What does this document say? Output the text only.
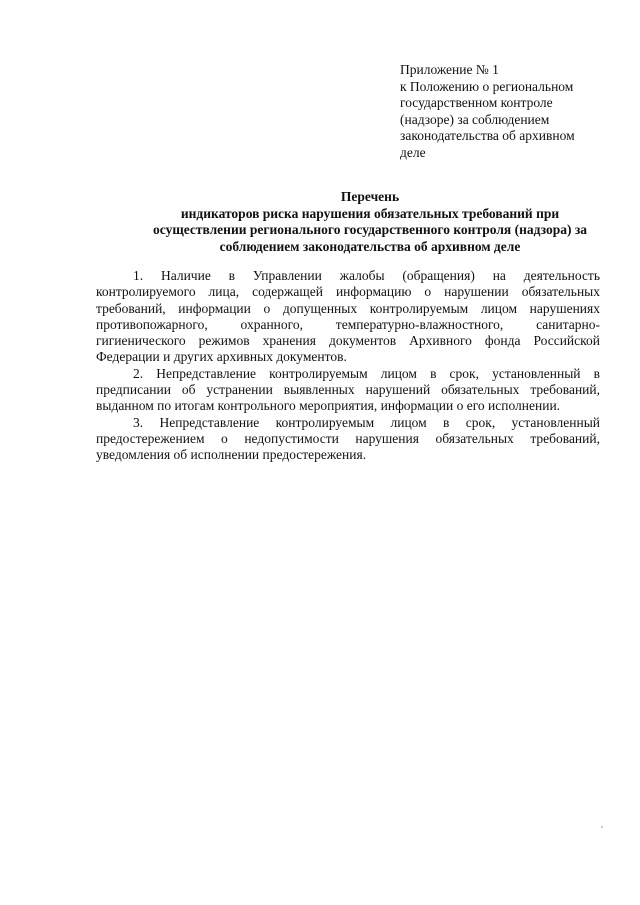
Приложение № 1
к Положению о региональном
государственном контроле
(надзоре) за соблюдением
законодательства об архивном
деле
Перечень
индикаторов риска нарушения обязательных требований при
осуществлении регионального государственного контроля (надзора) за
соблюдением законодательства об архивном деле

1. Наличие в Управлении жалобы (обращения) на деятельность контролируемого лица, содержащей информацию о нарушении обязательных требований, информации о допущенных контролируемым лицом нарушениях противопожарного, охранного, температурно-влажностного, санитарно-гигиенического режимов хранения документов Архивного фонда Российской Федерации и других архивных документов.

2. Непредставление контролируемым лицом в срок, установленный в предписании об устранении выявленных нарушений обязательных требований, выданном по итогам контрольного мероприятия, информации о его исполнении.

3. Непредставление контролируемым лицом в срок, установленный предостережением о недопустимости нарушения обязательных требований, уведомления об исполнении предостережения.
